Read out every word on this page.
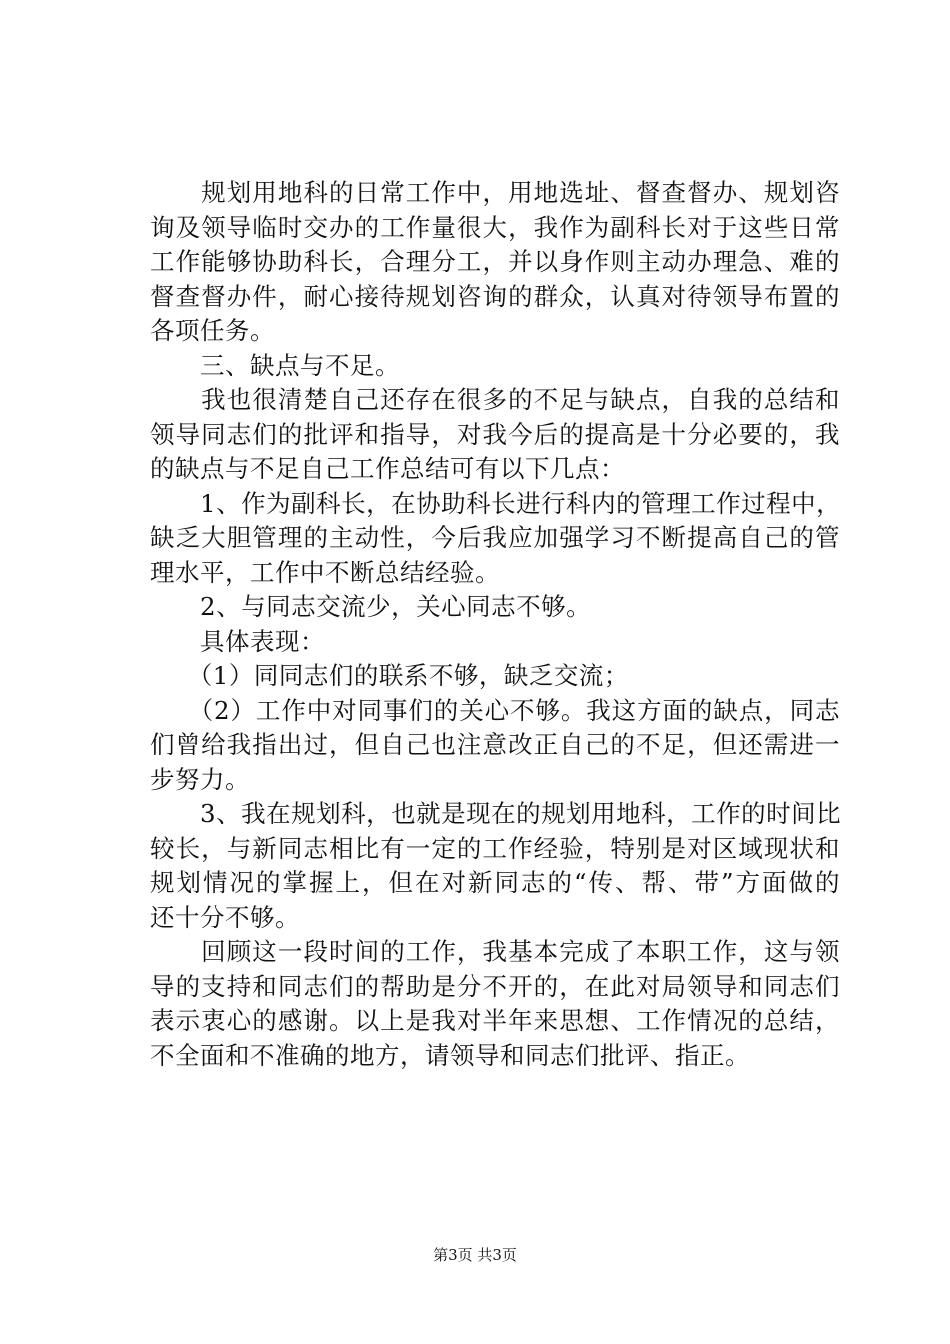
　　规划用地科的日常工作中，用地选址、督查督办、规划咨
询及领导临时交办的工作量很大，我作为副科长对于这些日常
工作能够协助科长，合理分工，并以身作则主动办理急、难的
督查督办件，耐心接待规划咨询的群众，认真对待领导布置的
各项任务。
　　三、缺点与不足。
　　我也很清楚自己还存在很多的不足与缺点，自我的总结和
领导同志们的批评和指导，对我今后的提高是十分必要的，我
的缺点与不足自己工作总结可有以下几点：
　　1、作为副科长，在协助科长进行科内的管理工作过程中，
缺乏大胆管理的主动性，今后我应加强学习不断提高自己的管
理水平，工作中不断总结经验。
　　2、与同志交流少，关心同志不够。
　　具体表现：
　　（1）同同志们的联系不够，缺乏交流；
　　（2）工作中对同事们的关心不够。我这方面的缺点，同志
们曾给我指出过，但自己也注意改正自己的不足，但还需进一
步努力。
　　3、我在规划科，也就是现在的规划用地科，工作的时间比
较长，与新同志相比有一定的工作经验，特别是对区域现状和
规划情况的掌握上，但在对新同志的“传、帮、带”方面做的
还十分不够。
　　回顾这一段时间的工作，我基本完成了本职工作，这与领
导的支持和同志们的帮助是分不开的，在此对局领导和同志们
表示衷心的感谢。以上是我对半年来思想、工作情况的总结，
不全面和不准确的地方，请领导和同志们批评、指正。
第3页 共3页
